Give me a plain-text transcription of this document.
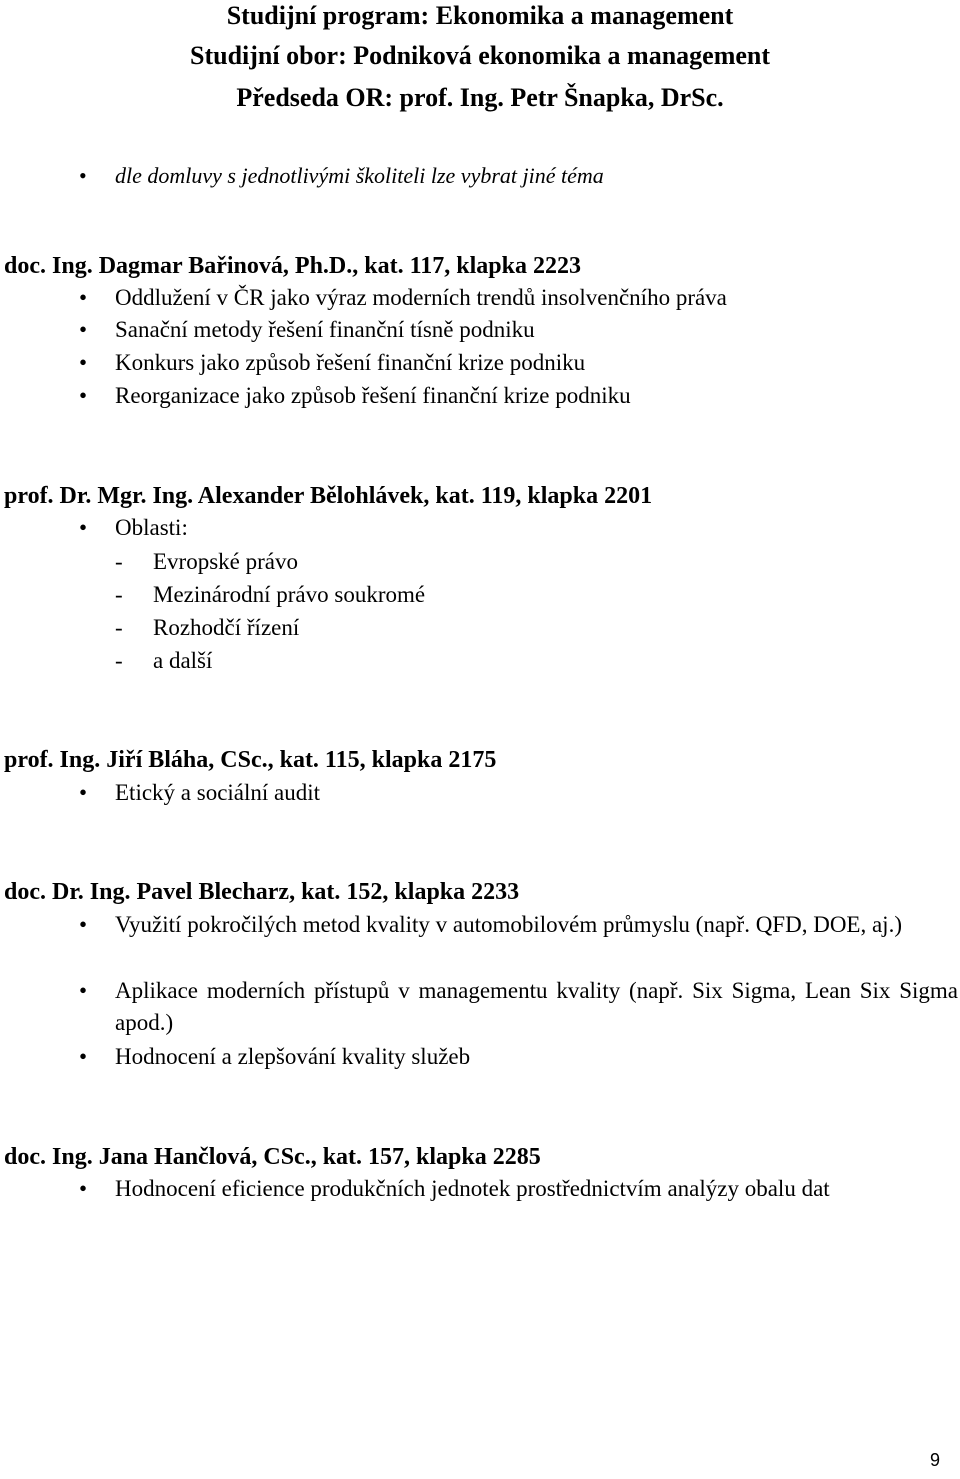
Studijní program: Ekonomika a management
Studijní obor: Podniková ekonomika a management
Předseda OR: prof. Ing. Petr Šnapka, DrSc.
• dle domluvy s jednotlivými školiteli lze vybrat jiné téma
doc. Ing. Dagmar Bařinová, Ph.D., kat. 117, klapka 2223
• Oddlužení v ČR jako výraz moderních trendů insolvenčního práva
• Sanační metody řešení finanční tísně podniku
• Konkurs jako způsob řešení finanční krize podniku
• Reorganizace jako způsob řešení finanční krize podniku
prof. Dr. Mgr. Ing. Alexander Bělohlávek, kat. 119, klapka 2201
• Oblasti:
- Evropské právo
- Mezinárodní právo soukromé
- Rozhodčí řízení
- a další
prof. Ing. Jiří Bláha, CSc., kat. 115, klapka 2175
• Etický a sociální audit
doc. Dr. Ing. Pavel Blecharz, kat. 152, klapka 2233
• Využití pokročilých metod kvality v automobilovém průmyslu (např. QFD, DOE, aj.)
• Aplikace moderních přístupů v managementu kvality (např. Six Sigma, Lean Six Sigma apod.)
• Hodnocení a zlepšování kvality služeb
doc. Ing. Jana Hančlová, CSc., kat. 157, klapka 2285
• Hodnocení eficience produkčních jednotek prostřednictvím analýzy obalu dat
9
